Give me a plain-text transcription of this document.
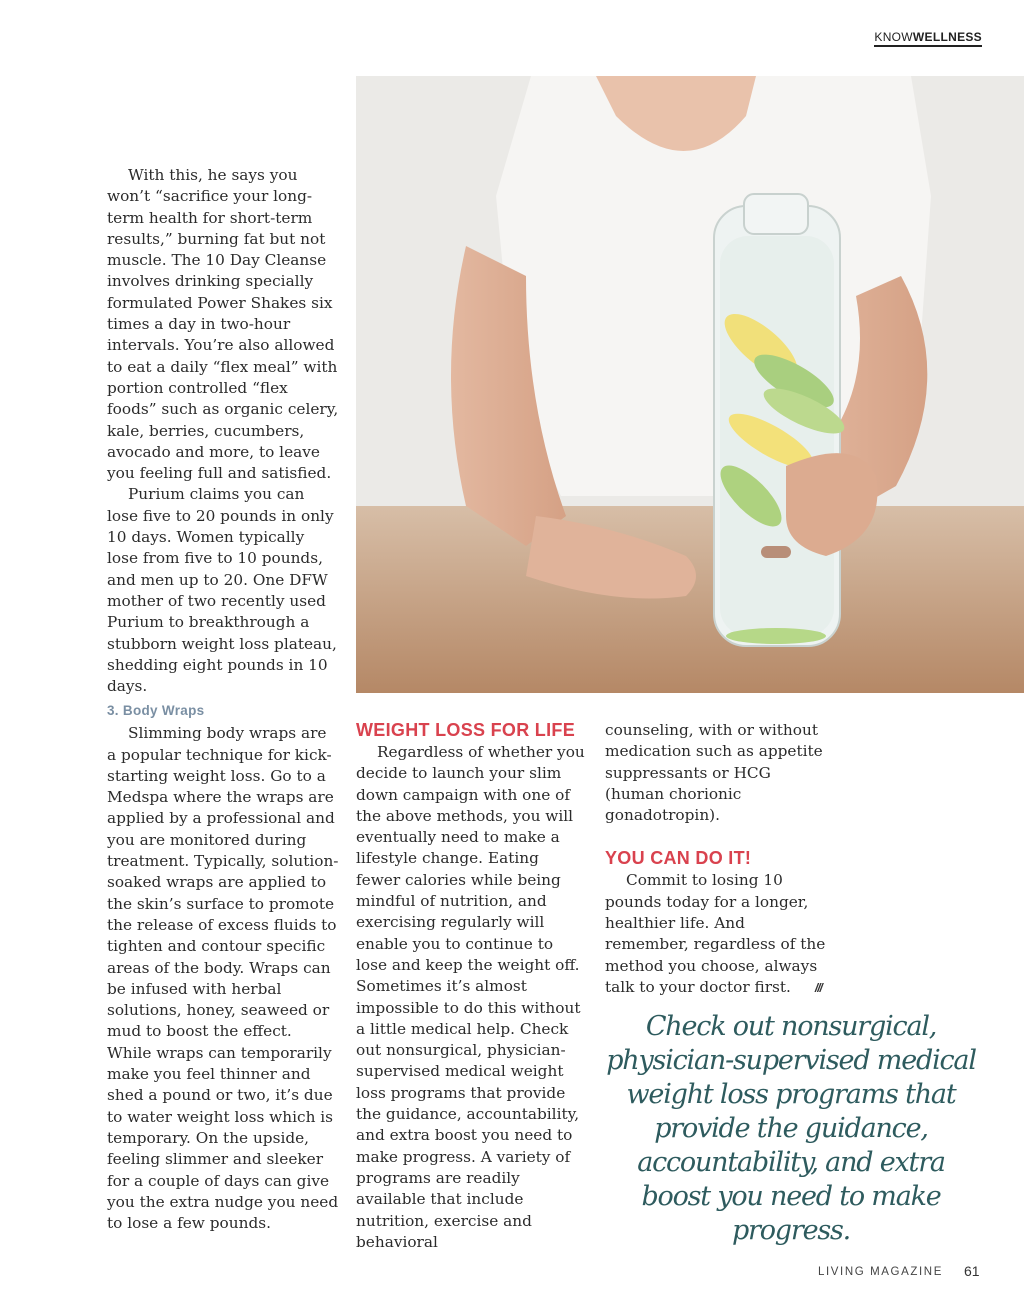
KNOWWELLNESS

With this, he says you won’t “sacrifice your long-term health for short-term results,” burning fat but not muscle. The 10 Day Cleanse involves drinking specially formulated Power Shakes six times a day in two-hour intervals. You’re also allowed to eat a daily “flex meal” with portion controlled “flex foods” such as organic celery, kale, berries, cucumbers, avocado and more, to leave you feeling full and satisfied.

Purium claims you can lose five to 20 pounds in only 10 days. Women typically lose from five to 10 pounds, and men up to 20. One DFW mother of two recently used Purium to breakthrough a stubborn weight loss plateau, shedding eight pounds in 10 days.

3. Body Wraps

Slimming body wraps are a popular technique for kick-starting weight loss. Go to a Medspa where the wraps are applied by a professional and you are monitored during treatment. Typically, solution-soaked wraps are applied to the skin’s surface to promote the release of excess fluids to tighten and contour specific areas of the body. Wraps can be infused with herbal solutions, honey, seaweed or mud to boost the effect. While wraps can temporarily make you feel thinner and shed a pound or two, it’s due to water weight loss which is temporary. On the upside, feeling slimmer and sleeker for a couple of days can give you the extra nudge you need to lose a few pounds.

WEIGHT LOSS FOR LIFE

Regardless of whether you decide to launch your slim down campaign with one of the above methods, you will eventually need to make a lifestyle change. Eating fewer calories while being mindful of nutrition, and exercising regularly will enable you to continue to lose and keep the weight off. Sometimes it’s almost impossible to do this without a little medical help. Check out nonsurgical, physician-supervised medical weight loss programs that provide the guidance, accountability, and extra boost you need to make progress. A variety of programs are readily available that include nutrition, exercise and behavioral

counseling, with or without medication such as appetite suppressants or HCG (human chorionic gonadotropin).

YOU CAN DO IT!

Commit to losing 10 pounds today for a longer, healthier life. And remember, regardless of the method you choose, always talk to your doctor first. ///

Check out nonsurgical, physician-supervised medical weight loss programs that provide the guidance, accountability, and extra boost you need to make progress.
LIVING MAGAZINE 61
